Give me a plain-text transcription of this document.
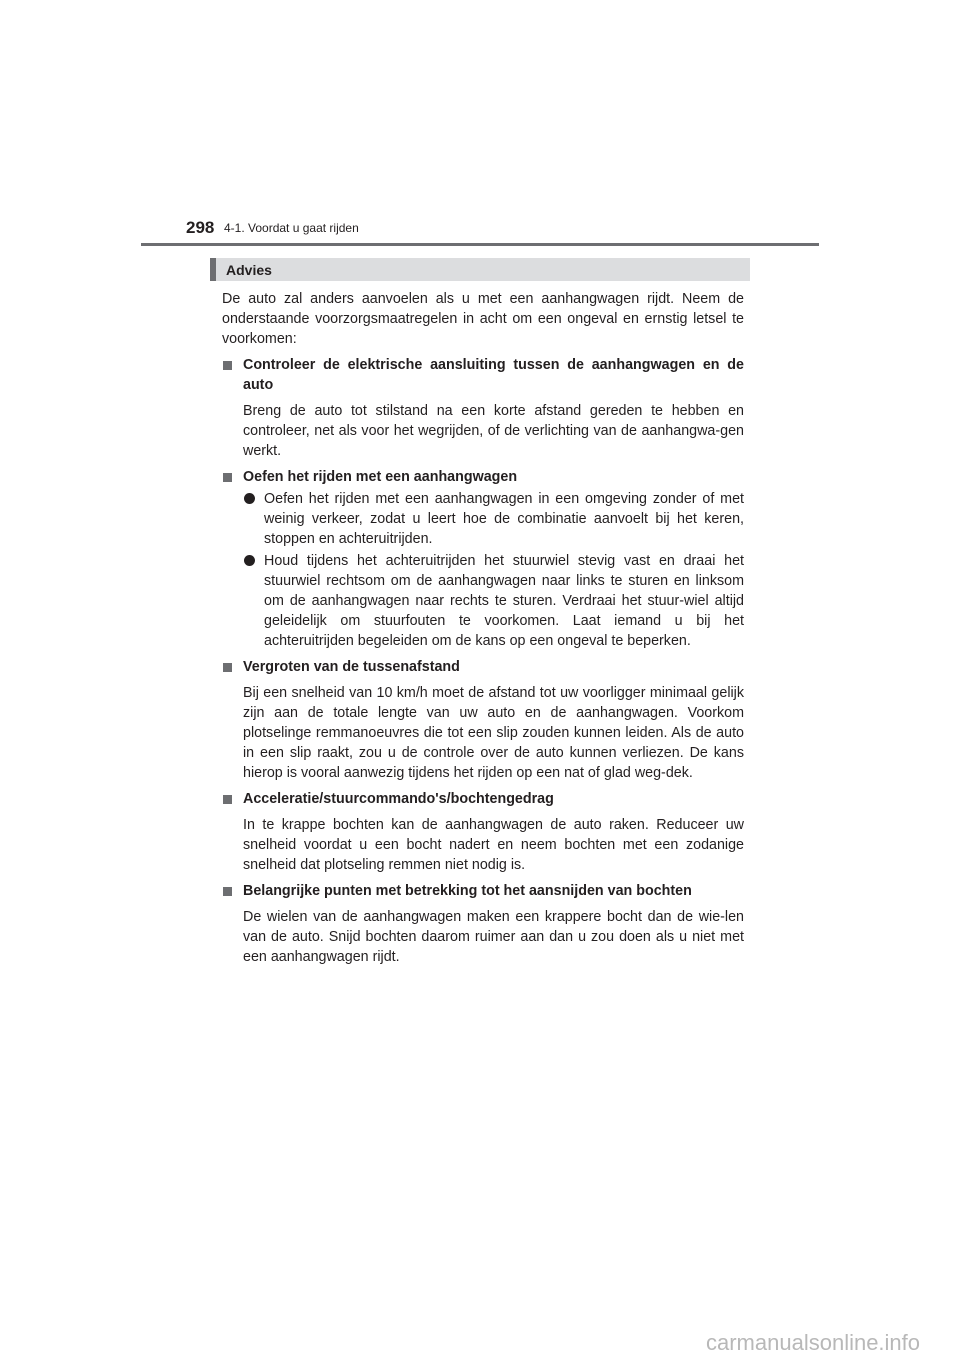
298 4-1. Voordat u gaat rijden
Advies

De auto zal anders aanvoelen als u met een aanhangwagen rijdt. Neem de onderstaande voorzorgsmaatregelen in acht om een ongeval en ernstig letsel te voorkomen:

Controleer de elektrische aansluiting tussen de aanhangwagen en de auto

Breng de auto tot stilstand na een korte afstand gereden te hebben en controleer, net als voor het wegrijden, of de verlichting van de aanhangwa-gen werkt.

Oefen het rijden met een aanhangwagen

Oefen het rijden met een aanhangwagen in een omgeving zonder of met weinig verkeer, zodat u leert hoe de combinatie aanvoelt bij het keren, stoppen en achteruitrijden.

Houd tijdens het achteruitrijden het stuurwiel stevig vast en draai het stuurwiel rechtsom om de aanhangwagen naar links te sturen en linksom om de aanhangwagen naar rechts te sturen. Verdraai het stuur-wiel altijd geleidelijk om stuurfouten te voorkomen. Laat iemand u bij het achteruitrijden begeleiden om de kans op een ongeval te beperken.

Vergroten van de tussenafstand

Bij een snelheid van 10 km/h moet de afstand tot uw voorligger minimaal gelijk zijn aan de totale lengte van uw auto en de aanhangwagen. Voorkom plotselinge remmanoeuvres die tot een slip zouden kunnen leiden. Als de auto in een slip raakt, zou u de controle over de auto kunnen verliezen. De kans hierop is vooral aanwezig tijdens het rijden op een nat of glad weg-dek.

Acceleratie/stuurcommando's/bochtengedrag

In te krappe bochten kan de aanhangwagen de auto raken. Reduceer uw snelheid voordat u een bocht nadert en neem bochten met een zodanige snelheid dat plotseling remmen niet nodig is.

Belangrijke punten met betrekking tot het aansnijden van bochten

De wielen van de aanhangwagen maken een krappere bocht dan de wie-len van de auto. Snijd bochten daarom ruimer aan dan u zou doen als u niet met een aanhangwagen rijdt.

carmanualsonline.info
